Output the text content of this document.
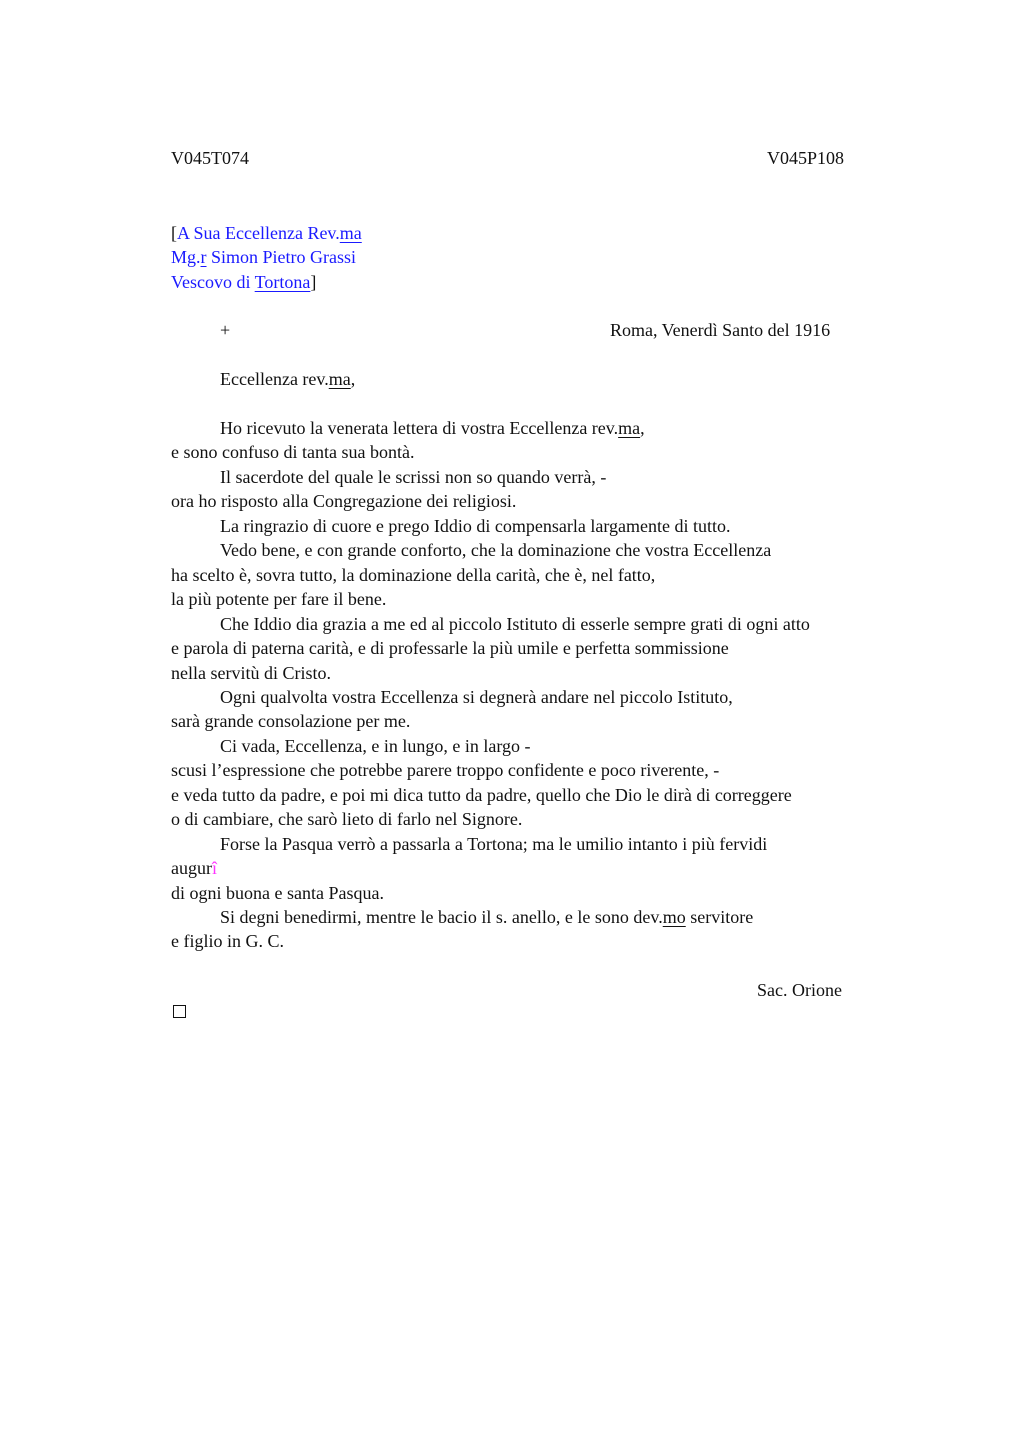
V045T074	V045P108
[A Sua Eccellenza Rev.ma
Mg.r Simon Pietro Grassi
Vescovo di Tortona]
+	Roma, Venerdì Santo del 1916
Eccellenza rev.ma,
Ho ricevuto la venerata lettera di vostra Eccellenza rev.ma,
e sono confuso di tanta sua bontà.
Il sacerdote del quale le scrissi non so quando verrà, -
ora ho risposto alla Congregazione dei religiosi.
La ringrazio di cuore e prego Iddio di compensarla largamente di tutto.
Vedo bene, e con grande conforto, che la dominazione che vostra Eccellenza
ha scelto è, sovra tutto, la dominazione della carità, che è, nel fatto,
la più potente per fare il bene.
Che Iddio dia grazia a me ed al piccolo Istituto di esserle sempre grati di ogni atto
e parola di paterna carità, e di professarle la più umile e perfetta sommissione
nella servitù di Cristo.
Ogni qualvolta vostra Eccellenza si degnerà andare nel piccolo Istituto,
sarà grande consolazione per me.
Ci vada, Eccellenza, e in lungo, e in largo -
scusi l’espressione che potrebbe parere troppo confidente e poco riverente, -
e veda tutto da padre, e poi mi dica tutto da padre, quello che Dio le dirà di correggere
o di cambiare, che sarò lieto di farlo nel Signore.
Forse la Pasqua verrò a passarla a Tortona; ma le umilio intanto i più fervidi
augurî
di ogni buona e santa Pasqua.
Si degni benedirmi, mentre le bacio il s. anello, e le sono dev.mo servitore
e figlio in G. C.
Sac. Orione
